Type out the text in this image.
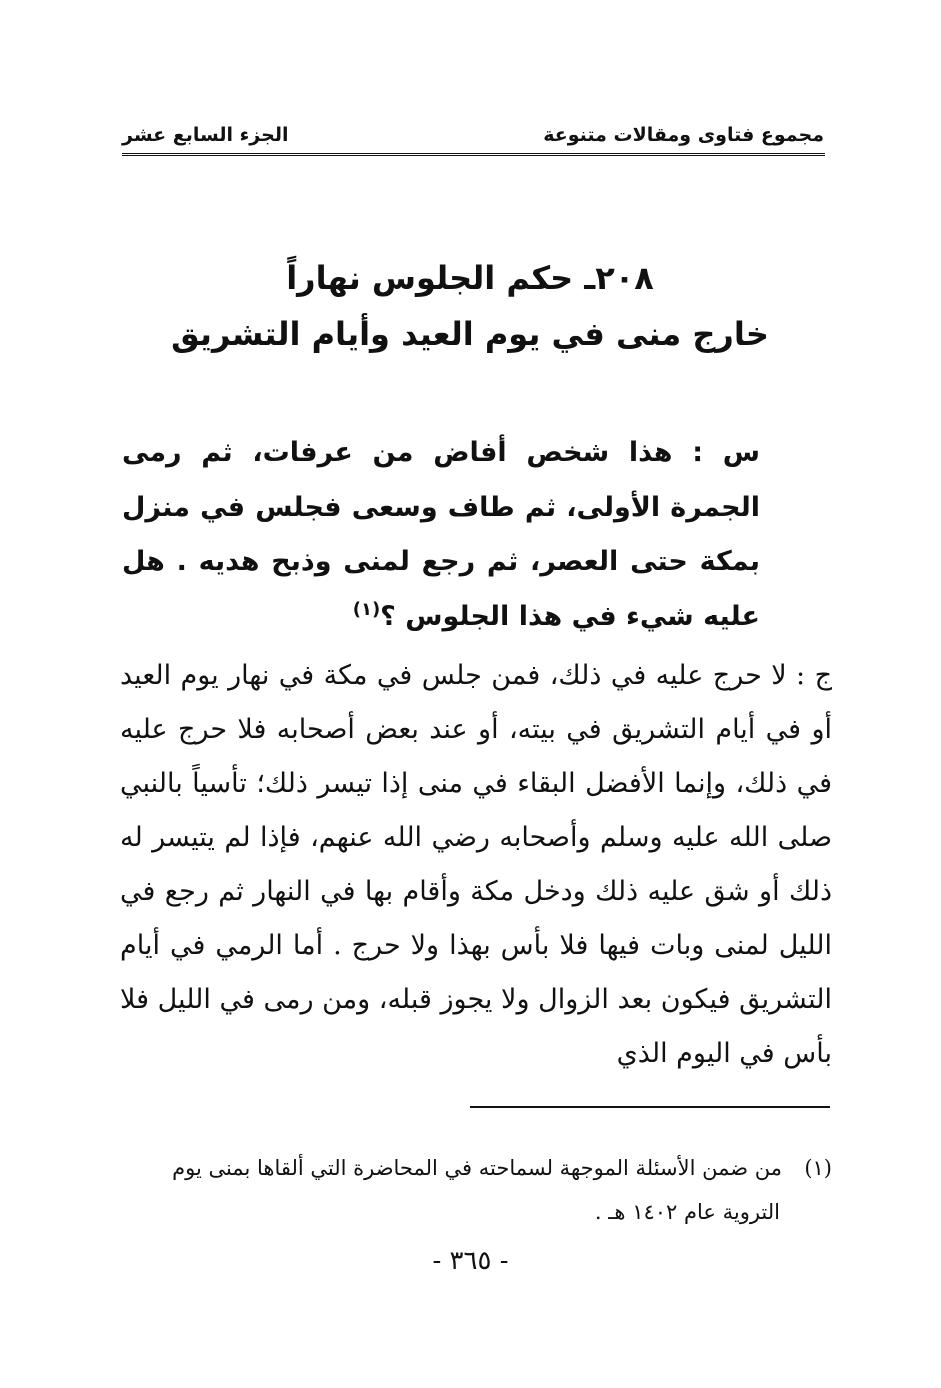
مجموع فتاوى ومقالات متنوعة
الجزء السابع عشر
٢٠٨ـ حكم الجلوس نهاراً
خارج منى في يوم العيد وأيام التشريق
س : هذا شخص أفاض من عرفات، ثم رمى الجمرة الأولى، ثم طاف وسعى فجلس في منزل بمكة حتى العصر، ثم رجع لمنى وذبح هديه . هل عليه شيء في هذا الجلوس ؟$^{(١)}$
ج : لا حرج عليه في ذلك، فمن جلس في مكة في نهار يوم العيد أو في أيام التشريق في بيته، أو عند بعض أصحابه فلا حرج عليه في ذلك، وإنما الأفضل البقاء في منى إذا تيسر ذلك؛ تأسياً بالنبي صلى الله عليه وسلم وأصحابه رضي الله عنهم، فإذا لم يتيسر له ذلك أو شق عليه ذلك ودخل مكة وأقام بها في النهار ثم رجع في الليل لمنى وبات فيها فلا بأس بهذا ولا حرج . أما الرمي في أيام التشريق فيكون بعد الزوال ولا يجوز قبله، ومن رمى في الليل فلا بأس في اليوم الذي
(١)من ضمن الأسئلة الموجهة لسماحته في المحاضرة التي ألقاها بمنى يوم
التروية عام ١٤٠٢ هـ .
- ٣٦٥ -
